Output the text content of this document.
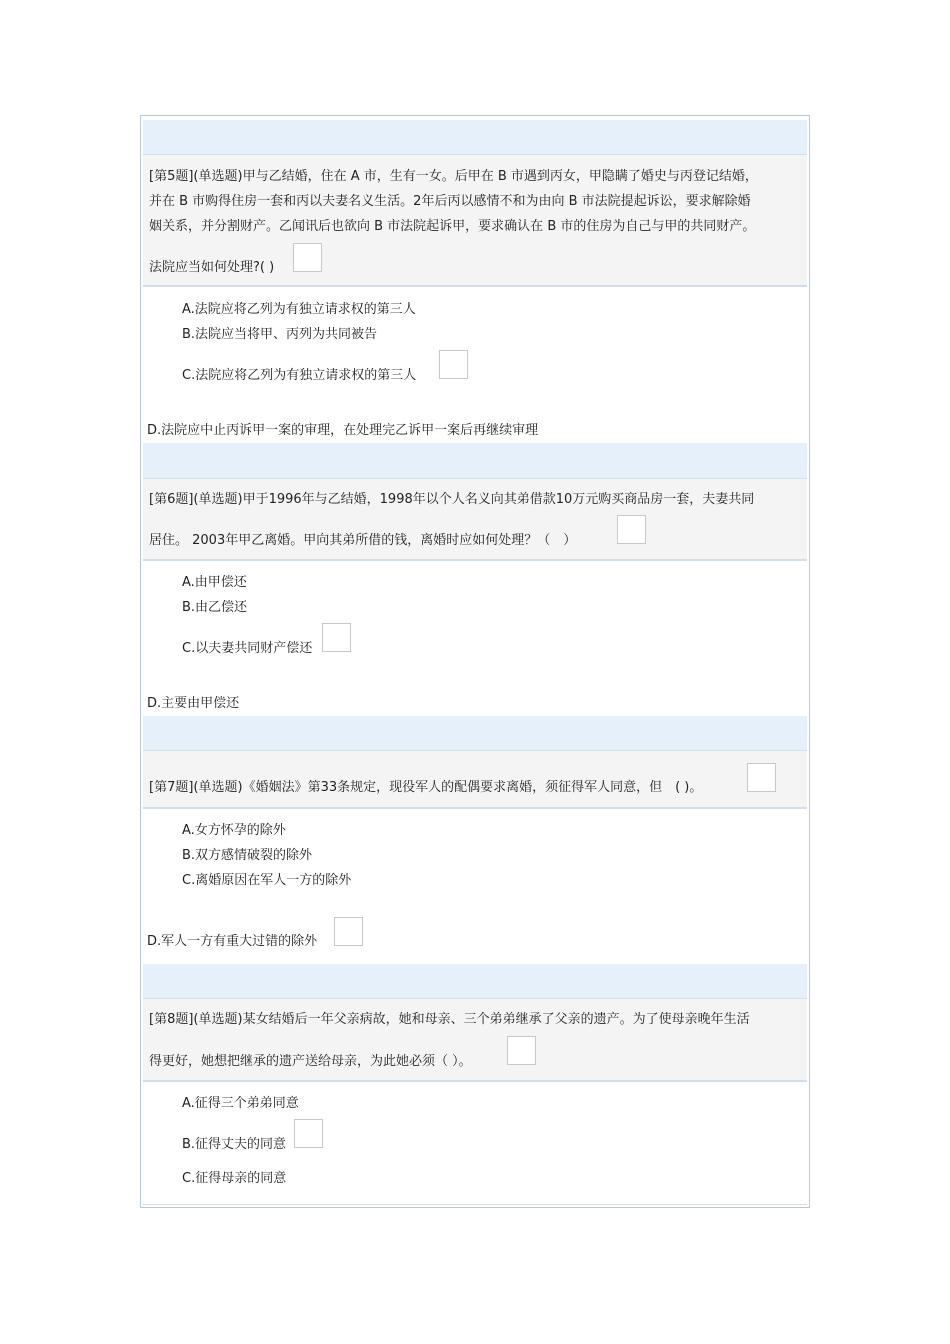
[第5题](单选题)甲与乙结婚，住在 A 市，生有一女。后甲在 B 市遇到丙女，甲隐瞒了婚史与丙登记结婚，
并在 B 市购得住房一套和丙以夫妻名义生活。2年后丙以感情不和为由向 B 市法院提起诉讼，要求解除婚
姻关系，并分割财产。乙闻讯后也欲向 B 市法院起诉甲，要求确认在 B 市的住房为自己与甲的共同财产。
法院应当如何处理?( )
A.法院应将乙列为有独立请求权的第三人
B.法院应当将甲、丙列为共同被告
C.法院应将乙列为有独立请求权的第三人
D.法院应中止丙诉甲一案的审理，在处理完乙诉甲一案后再继续审理
[第6题](单选题)甲于1996年与乙结婚，1998年以个人名义向其弟借款10万元购买商品房一套，夫妻共同
居住。 2003年甲乙离婚。甲向其弟所借的钱，离婚时应如何处理？（　）
A.由甲偿还
B.由乙偿还
C.以夫妻共同财产偿还
D.主要由甲偿还
[第7题](单选题)《婚姻法》第33条规定，现役军人的配偶要求离婚，须征得军人同意，但　( )。
A.女方怀孕的除外
B.双方感情破裂的除外
C.离婚原因在军人一方的除外
D.军人一方有重大过错的除外
[第8题](单选题)某女结婚后一年父亲病故，她和母亲、三个弟弟继承了父亲的遗产。为了使母亲晚年生活
得更好，她想把继承的遗产送给母亲，为此她必须（ ）。
A.征得三个弟弟同意
B.征得丈夫的同意
C.征得母亲的同意
